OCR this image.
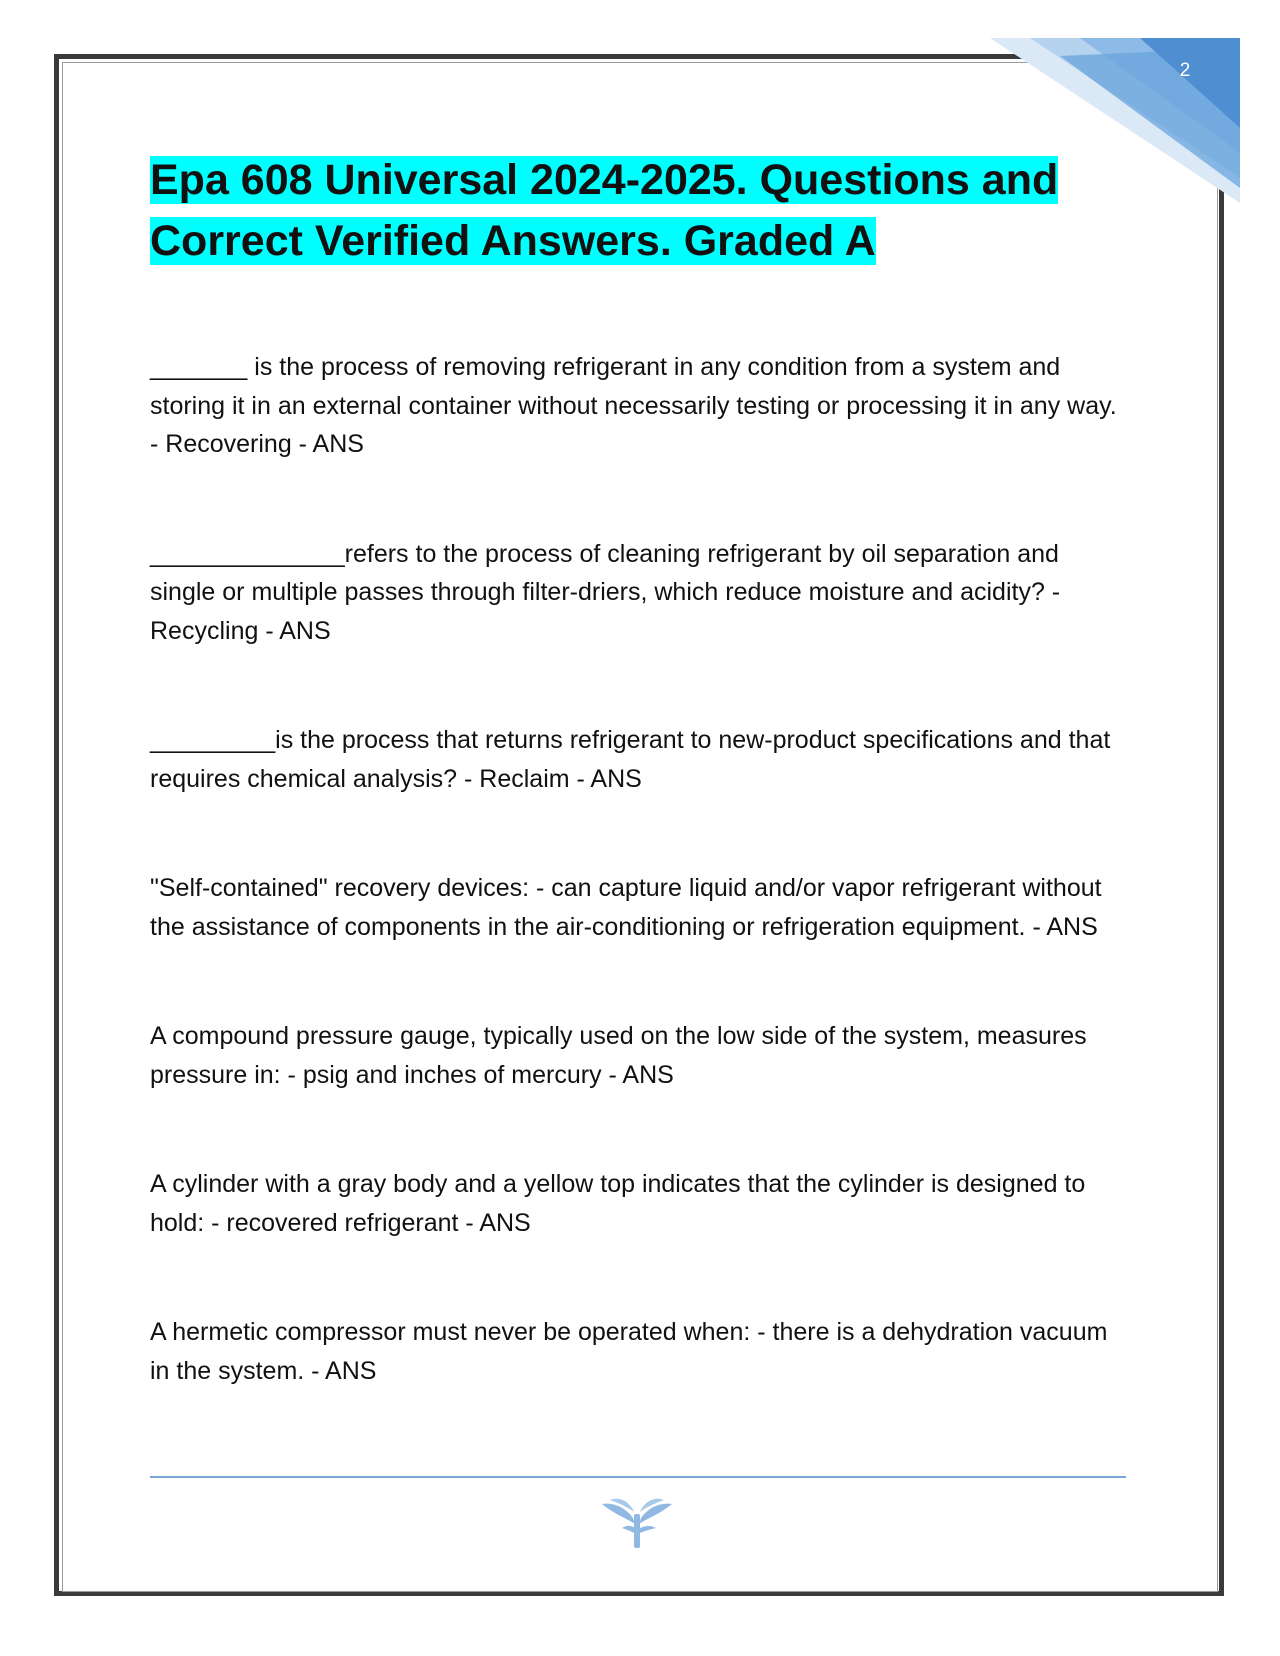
2
Epa 608 Universal 2024-2025. Questions and Correct Verified Answers. Graded A

_______ is the process of removing refrigerant in any condition from a system and storing it in an external container without necessarily testing or processing it in any way. - Recovering - ANS

______________refers to the process of cleaning refrigerant by oil separation and single or multiple passes through filter-driers, which reduce moisture and acidity? - Recycling - ANS

_________is the process that returns refrigerant to new-product specifications and that requires chemical analysis? - Reclaim - ANS

"Self-contained" recovery devices: - can capture liquid and/or vapor refrigerant without the assistance of components in the air-conditioning or refrigeration equipment. - ANS

A compound pressure gauge, typically used on the low side of the system, measures pressure in: - psig and inches of mercury - ANS

A cylinder with a gray body and a yellow top indicates that the cylinder is designed to hold: - recovered refrigerant - ANS

A hermetic compressor must never be operated when: - there is a dehydration vacuum in the system. - ANS
